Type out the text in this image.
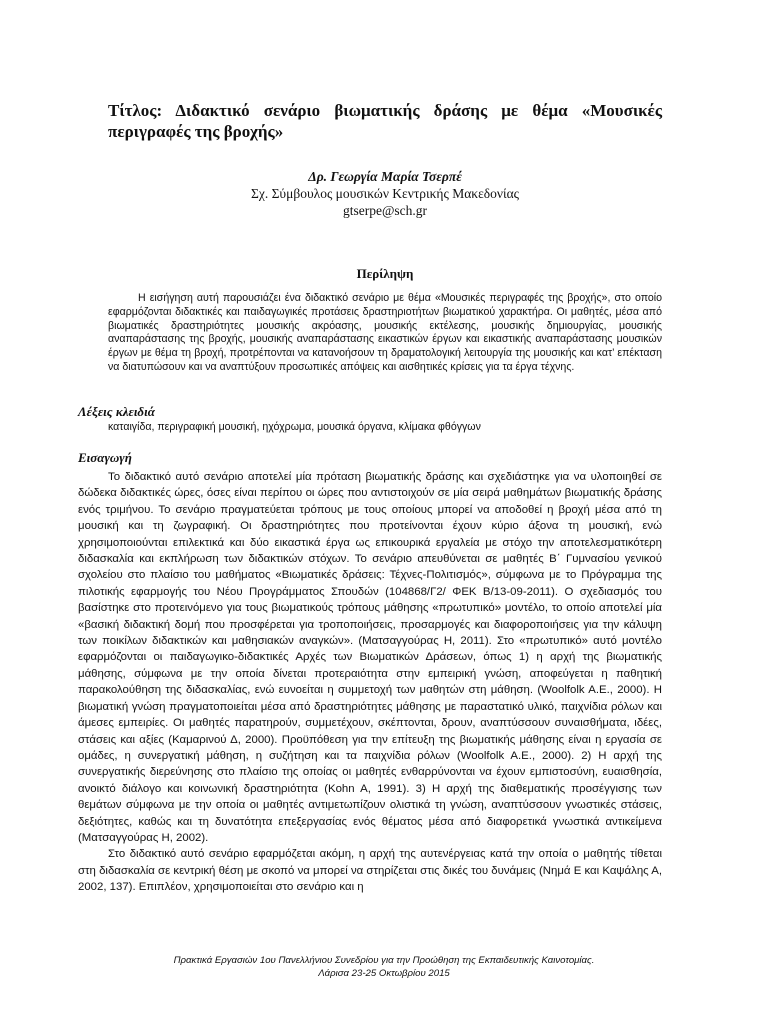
Τίτλος: Διδακτικό σενάριο βιωματικής δράσης με θέμα «Μουσικές περιγραφές της βροχής»
Δρ. Γεωργία Μαρία Τσερπέ
Σχ. Σύμβουλος μουσικών Κεντρικής Μακεδονίας
gtserpe@sch.gr
Περίληψη

Η εισήγηση αυτή παρουσιάζει ένα διδακτικό σενάριο με θέμα «Μουσικές περιγραφές της βροχής», στο οποίο εφαρμόζονται διδακτικές και παιδαγωγικές προτάσεις δραστηριοτήτων βιωματικού χαρακτήρα. Οι μαθητές, μέσα από βιωματικές δραστηριότητες μουσικής ακρόασης, μουσικής εκτέλεσης, μουσικής δημιουργίας, μουσικής αναπαράστασης της βροχής, μουσικής αναπαράστασης εικαστικών έργων και εικαστικής αναπαράστασης μουσικών έργων με θέμα τη βροχή, προτρέπονται να κατανοήσουν τη δραματολογική λειτουργία της μουσικής και κατ’ επέκταση να διατυπώσουν και να αναπτύξουν προσωπικές απόψεις και αισθητικές κρίσεις για τα έργα τέχνης.

Λέξεις κλειδιά
καταιγίδα, περιγραφική μουσική, ηχόχρωμα, μουσικά όργανα, κλίμακα φθόγγων
Εισαγωγή

Το διδακτικό αυτό σενάριο αποτελεί μία πρόταση βιωματικής δράσης και σχεδιάστηκε για να υλοποιηθεί σε δώδεκα διδακτικές ώρες, όσες είναι περίπου οι ώρες που αντιστοιχούν σε μία σειρά μαθημάτων βιωματικής δράσης ενός τριμήνου. Το σενάριο πραγματεύεται τρόπους με τους οποίους μπορεί να αποδοθεί η βροχή μέσα από τη μουσική και τη ζωγραφική. Οι δραστηριότητες που προτείνονται έχουν κύριο άξονα τη μουσική, ενώ χρησιμοποιούνται επιλεκτικά και δύο εικαστικά έργα ως επικουρικά εργαλεία με στόχο την αποτελεσματικότερη διδασκαλία και εκπλήρωση των διδακτικών στόχων. Το σενάριο απευθύνεται σε μαθητές Β΄ Γυμνασίου γενικού σχολείου στο πλαίσιο του μαθήματος «Βιωματικές δράσεις: Τέχνες-Πολιτισμός», σύμφωνα με το Πρόγραμμα της πιλοτικής εφαρμογής του Νέου Προγράμματος Σπουδών (104868/Γ2/ ΦΕΚ Β/13-09-2011). Ο σχεδιασμός του βασίστηκε στο προτεινόμενο για τους βιωματικούς τρόπους μάθησης «πρωτυπικό» μοντέλο, το οποίο αποτελεί μία «βασική διδακτική δομή που προσφέρεται για τροποποιήσεις, προσαρμογές και διαφοροποιήσεις για την κάλυψη των ποικίλων διδακτικών και μαθησιακών αναγκών». (Ματσαγγούρας Η, 2011). Στο «πρωτυπικό» αυτό μοντέλο εφαρμόζονται οι παιδαγωγικο-διδακτικές Αρχές των Βιωματικών Δράσεων, όπως 1) η αρχή της βιωματικής μάθησης, σύμφωνα με την οποία δίνεται προτεραιότητα στην εμπειρική γνώση, αποφεύγεται η παθητική παρακολούθηση της διδασκαλίας, ενώ ευνοείται η συμμετοχή των μαθητών στη μάθηση. (Woolfolk A.E., 2000). Η βιωματική γνώση πραγματοποιείται μέσα από δραστηριότητες μάθησης με παραστατικό υλικό, παιχνίδια ρόλων και άμεσες εμπειρίες. Οι μαθητές παρατηρούν, συμμετέχουν, σκέπτονται, δρουν, αναπτύσσουν συναισθήματα, ιδέες, στάσεις και αξίες (Καμαρινού Δ, 2000). Προϋπόθεση για την επίτευξη της βιωματικής μάθησης είναι η εργασία σε ομάδες, η συνεργατική μάθηση, η συζήτηση και τα παιχνίδια ρόλων (Woolfolk A.E., 2000). 2) Η αρχή της συνεργατικής διερεύνησης στο πλαίσιο της οποίας οι μαθητές ενθαρρύνονται να έχουν εμπιστοσύνη, ευαισθησία, ανοικτό διάλογο και κοινωνική δραστηριότητα (Kohn A, 1991). 3) Η αρχή της διαθεματικής προσέγγισης των θεμάτων σύμφωνα με την οποία οι μαθητές αντιμετωπίζουν ολιστικά τη γνώση, αναπτύσσουν γνωστικές στάσεις, δεξιότητες, καθώς και τη δυνατότητα επεξεργασίας ενός θέματος μέσα από διαφορετικά γνωστικά αντικείμενα (Ματσαγγούρας Η, 2002).

Στο διδακτικό αυτό σενάριο εφαρμόζεται ακόμη, η αρχή της αυτενέργειας κατά την οποία ο μαθητής τίθεται στη διδασκαλία σε κεντρική θέση με σκοπό να μπορεί να στηρίζεται στις δικές του δυνάμεις (Νημά Ε και Καψάλης Α, 2002, 137). Επιπλέον, χρησιμοποιείται στο σενάριο και η

Πρακτικά Εργασιών 1ου Πανελλήνιου Συνεδρίου για την Προώθηση της Εκπαιδευτικής Καινοτομίας.
Λάρισα 23-25 Οκτωβρίου 2015
